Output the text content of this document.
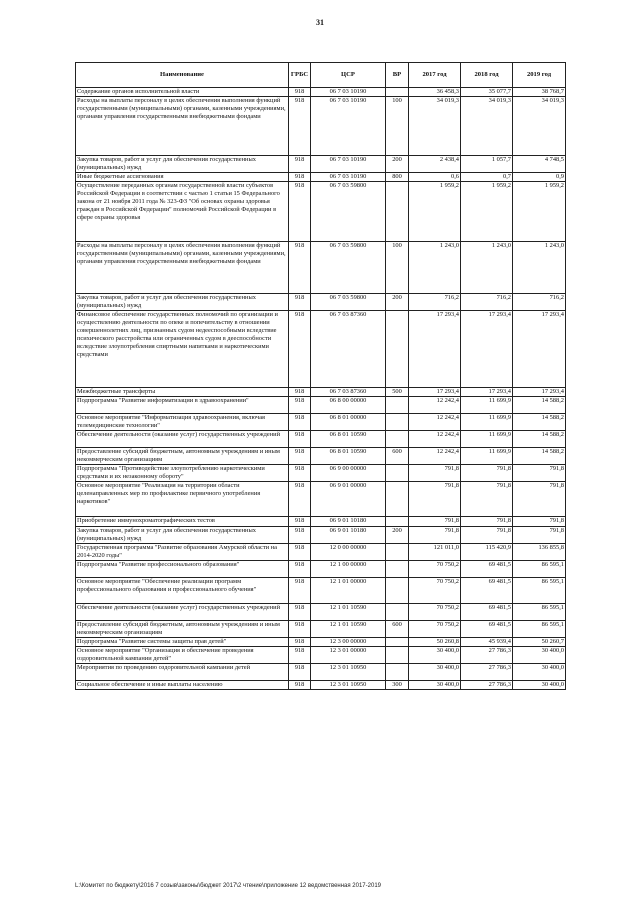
31
Наименование	ГРБС	ЦСР	ВР	2017 год	2018 год	2019 год
Содержание органов исполнительной власти	918	06 7 03 10190		36 458,3	35 077,7	38 768,7
Расходы на выплаты персоналу в целях обеспечения выполнения функций государственными (муниципальными) органами, казенными учреждениями, органами управления государственными внебюджетными фондами	918	06 7 03 10190	100	34 019,3	34 019,3	34 019,3
Закупка товаров, работ и услуг для обеспечения государственных (муниципальных) нужд	918	06 7 03 10190	200	2 438,4	1 057,7	4 748,5
Иные бюджетные ассигнования	918	06 7 03 10190	800	0,6	0,7	0,9
Осуществление переданных органам государственной власти субъектов Российской Федерации в соответствии с частью 1 статьи 15 Федерального закона от 21 ноября 2011 года № 323-ФЗ "Об основах охраны здоровья граждан в Российской Федерации" полномочий Российской Федерации в сфере охраны здоровья	918	06 7 03 59800		1 959,2	1 959,2	1 959,2
Расходы на выплаты персоналу в целях обеспечения выполнения функций государственными (муниципальными) органами, казенными учреждениями, органами управления государственными внебюджетными фондами	918	06 7 03 59800	100	1 243,0	1 243,0	1 243,0
Закупка товаров, работ и услуг для обеспечения государственных (муниципальных) нужд	918	06 7 03 59800	200	716,2	716,2	716,2
Финансовое обеспечение государственных полномочий по организации и осуществлению деятельности по опеке и попечительству в отношении совершеннолетних лиц, признанных судом недееспособными вследствие психического расстройства или ограниченных судом в дееспособности вследствие злоупотребления спиртными напитками и наркотическими средствами	918	06 7 03 87360		17 293,4	17 293,4	17 293,4
Межбюджетные трансферты	918	06 7 03 87360	500	17 293,4	17 293,4	17 293,4
Подпрограмма "Развитие информатизации в здравоохранении"	918	06 8 00 00000		12 242,4	11 699,9	14 588,2
Основное мероприятие "Информатизация здравоохранения, включая телемедицинские технологии"	918	06 8 01 00000		12 242,4	11 699,9	14 588,2
Обеспечение деятельности (оказание услуг) государственных учреждений	918	06 8 01 10590		12 242,4	11 699,9	14 588,2
Предоставление субсидий бюджетным, автономным учреждениям и иным некоммерческим организациям	918	06 8 01 10590	600	12 242,4	11 699,9	14 588,2
Подпрограмма "Противодействие злоупотреблению наркотическими средствами и их незаконному обороту"	918	06 9 00 00000		791,8	791,8	791,8
Основное мероприятие "Реализация на территории области целенаправленных мер по профилактике первичного употребления наркотиков"	918	06 9 01 00000		791,8	791,8	791,8
Приобретение иммунохроматографических тестов	918	06 9 01 10180		791,8	791,8	791,8
Закупка товаров, работ и услуг для обеспечения государственных (муниципальных) нужд	918	06 9 01 10180	200	791,8	791,8	791,8
Государственная программа "Развитие образования Амурской области на 2014-2020 годы"	918	12 0 00 00000		121 011,0	115 420,9	136 855,8
Подпрограмма "Развитие профессионального образования"	918	12 1 00 00000		70 750,2	69 481,5	86 595,1
Основное мероприятие "Обеспечение реализации программ профессионального образования и профессионального обучения"	918	12 1 01 00000		70 750,2	69 481,5	86 595,1
Обеспечение деятельности (оказание услуг) государственных учреждений	918	12 1 01 10590		70 750,2	69 481,5	86 595,1
Предоставление субсидий бюджетным, автономным учреждениям и иным некоммерческим организациям	918	12 1 01 10590	600	70 750,2	69 481,5	86 595,1
Подпрограмма "Развитие системы защиты прав детей"	918	12 3 00 00000		50 260,8	45 939,4	50 260,7
Основное мероприятие "Организация и обеспечение проведения оздоровительной кампании детей"	918	12 3 01 00000		30 400,0	27 786,3	30 400,0
Мероприятия по проведению оздоровительной кампании детей	918	12 3 01 10950		30 400,0	27 786,3	30 400,0
Социальное обеспечение и иные выплаты населению	918	12 3 01 10950	300	30 400,0	27 786,3	30 400,0
L:\Комитет по бюджету\2016 7 созыв\законы\бюджет 2017\2 чтение\приложение 12 ведомственная 2017-2019
